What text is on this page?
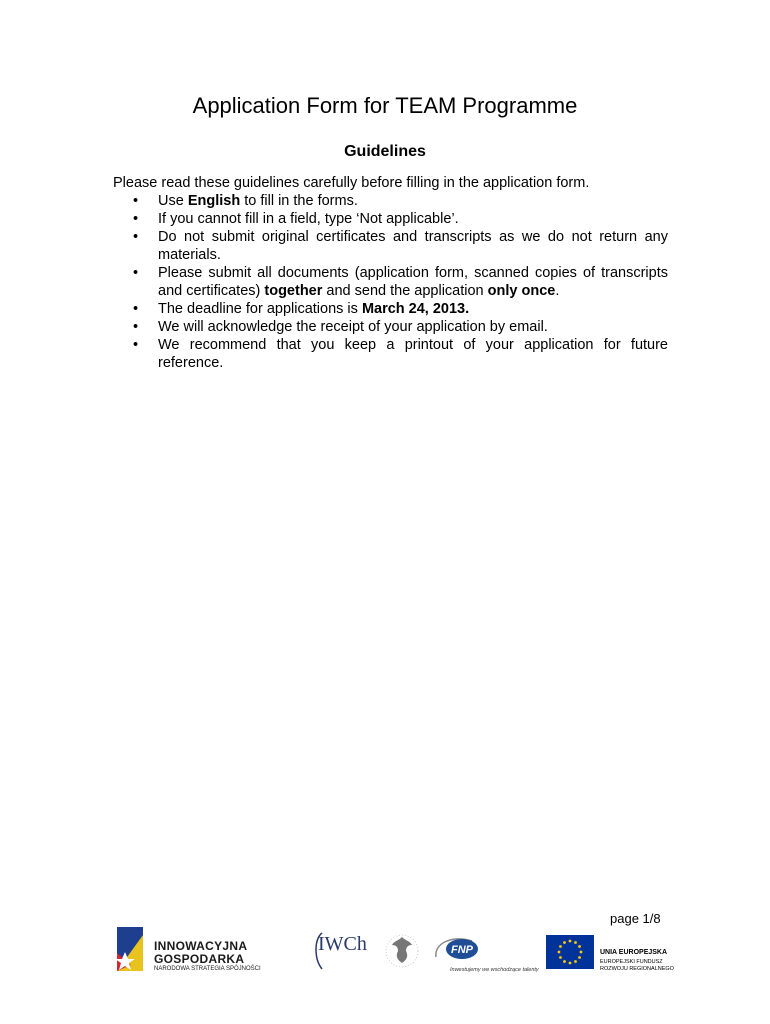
Application Form for TEAM Programme
Guidelines
Please read these guidelines carefully before filling in the application form.
• Use English to fill in the forms.
• If you cannot fill in a field, type ‘Not applicable’.
• Do not submit original certificates and transcripts as we do not return any materials.
• Please submit all documents (application form, scanned copies of transcripts and certificates) together and send the application only once.
• The deadline for applications is March 24, 2013.
• We will acknowledge the receipt of your application by email.
• We recommend that you keep a printout of your application for future reference.
page 1/8
INNOWACYJNA
GOSPODARKA
NARODOWA STRATEGIA SPÓJNOŚCI
IWCh	FNP
Inwestujemy we wschodzące talenty
UNIA EUROPEJSKA
EUROPEJSKI FUNDUSZ
ROZWOJU REGIONALNEGO
